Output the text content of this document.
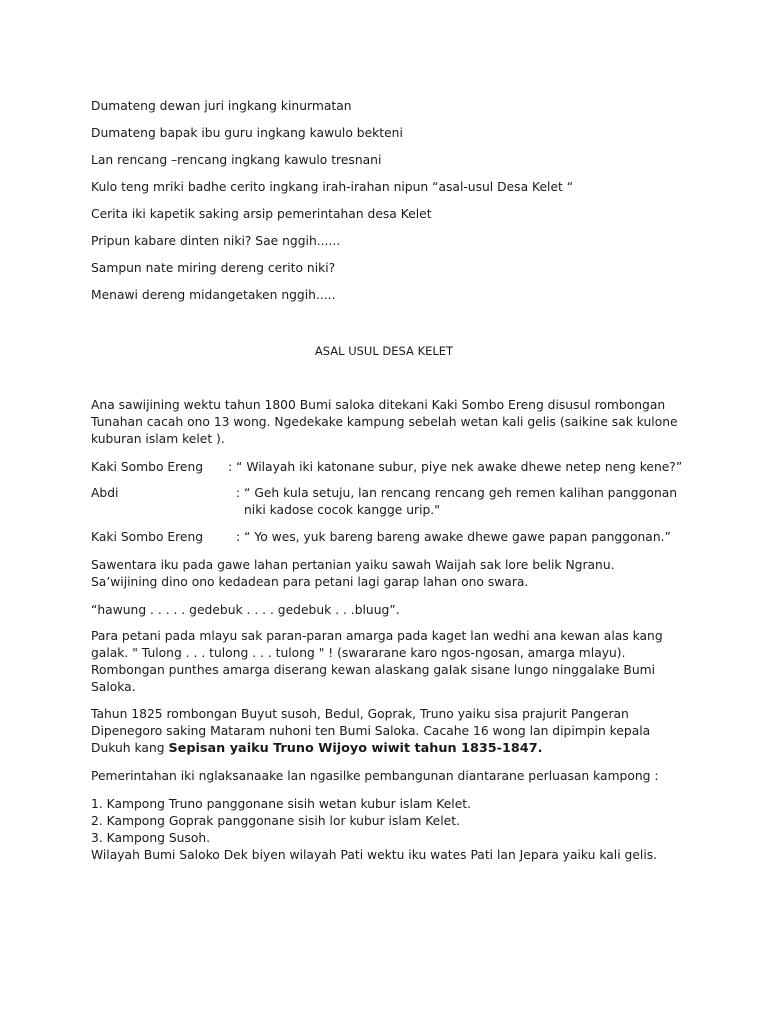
Dumateng dewan juri ingkang kinurmatan
Dumateng bapak ibu guru ingkang kawulo bekteni
Lan rencang –rencang ingkang kawulo tresnani
Kulo teng mriki badhe cerito ingkang irah-irahan nipun “asal-usul Desa Kelet “
Cerita iki kapetik saking arsip pemerintahan desa Kelet
Pripun kabare dinten niki? Sae nggih......
Sampun nate miring dereng cerito niki?
Menawi dereng midangetaken nggih.....
ASAL USUL DESA KELET
Ana sawijining wektu tahun 1800 Bumi saloka ditekani Kaki Sombo Ereng disusul rombongan Tunahan cacah ono 13 wong. Ngedekake kampung sebelah wetan kali gelis (saikine sak kulone kuburan islam kelet ).
Kaki Sombo Ereng : “ Wilayah iki katonane subur, piye nek awake dhewe netep neng kene?”
Abdi	: “ Geh kula setuju, lan rencang rencang geh remen kalihan panggonan niki kadose cocok kangge urip."
Kaki Sombo Ereng	: “ Yo wes, yuk bareng bareng awake dhewe gawe papan panggonan.”
Sawentara iku pada gawe lahan pertanian yaiku sawah Waijah sak lore belik Ngranu. Sa’wijining dino ono kedadean para petani lagi garap lahan ono swara.
“hawung . . . . . gedebuk . . . . gedebuk . . .bluug”.
Para petani pada mlayu sak paran-paran amarga pada kaget lan wedhi ana kewan alas kang galak. " Tulong . . . tulong . . . tulong " ! (swararane karo ngos-ngosan, amarga mlayu). Rombongan punthes amarga diserang kewan alaskang gaIak sisane lungo ninggalake Bumi Saloka.
Tahun 1825 rombongan Buyut susoh, Bedul, Goprak, Truno yaiku sisa prajurit Pangeran Dipenegoro saking Mataram nuhoni ten Bumi Saloka. Cacahe 16 wong lan dipimpin kepala Dukuh kang Sepisan yaiku Truno Wijoyo wiwit tahun 1835-1847.
Pemerintahan iki nglaksanaake lan ngasilke pembangunan diantarane perluasan kampong :
1. Kampong Truno panggonane sisih wetan kubur islam Kelet.
2. Kampong Goprak panggonane sisih lor kubur islam Kelet.
3. Kampong Susoh.
Wilayah Bumi Saloko Dek biyen wilayah Pati wektu iku wates Pati lan Jepara yaiku kali gelis.
